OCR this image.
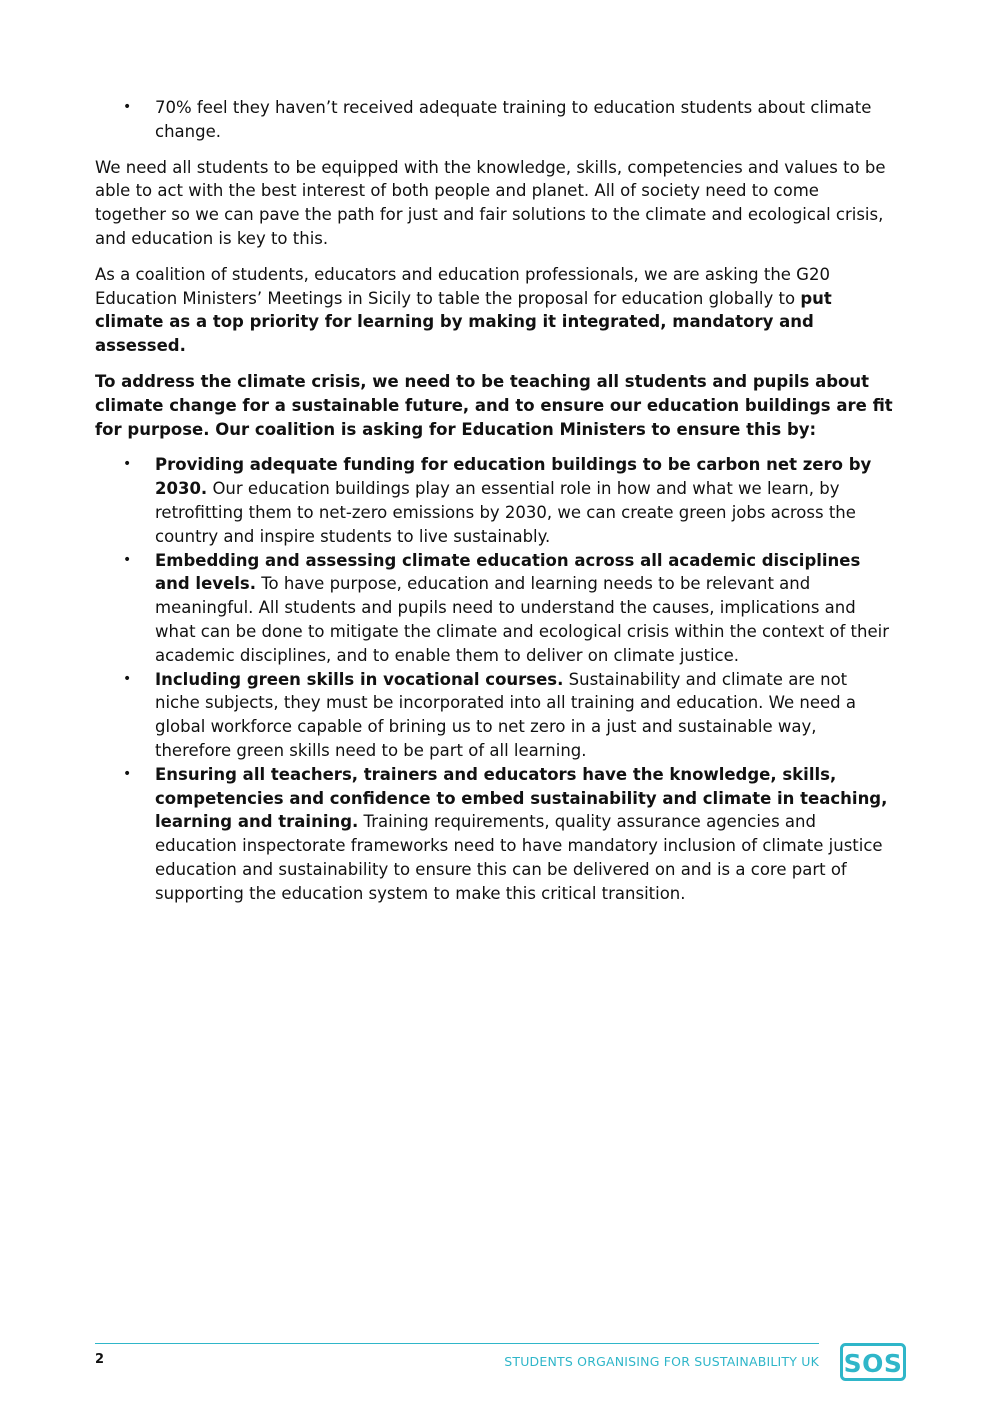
• 70% feel they haven’t received adequate training to education students about climate change.

We need all students to be equipped with the knowledge, skills, competencies and values to be able to act with the best interest of both people and planet. All of society need to come together so we can pave the path for just and fair solutions to the climate and ecological crisis, and education is key to this.

As a coalition of students, educators and education professionals, we are asking the G20 Education Ministers’ Meetings in Sicily to table the proposal for education globally to put climate as a top priority for learning by making it integrated, mandatory and assessed.

To address the climate crisis, we need to be teaching all students and pupils about climate change for a sustainable future, and to ensure our education buildings are fit for purpose. Our coalition is asking for Education Ministers to ensure this by:

• Providing adequate funding for education buildings to be carbon net zero by 2030. Our education buildings play an essential role in how and what we learn, by retrofitting them to net-zero emissions by 2030, we can create green jobs across the country and inspire students to live sustainably.
• Embedding and assessing climate education across all academic disciplines and levels. To have purpose, education and learning needs to be relevant and meaningful. All students and pupils need to understand the causes, implications and what can be done to mitigate the climate and ecological crisis within the context of their academic disciplines, and to enable them to deliver on climate justice.
• Including green skills in vocational courses. Sustainability and climate are not niche subjects, they must be incorporated into all training and education. We need a global workforce capable of brining us to net zero in a just and sustainable way, therefore green skills need to be part of all learning.
• Ensuring all teachers, trainers and educators have the knowledge, skills, competencies and confidence to embed sustainability and climate in teaching, learning and training. Training requirements, quality assurance agencies and education inspectorate frameworks need to have mandatory inclusion of climate justice education and sustainability to ensure this can be delivered on and is a core part of supporting the education system to make this critical transition.
2	STUDENTS ORGANISING FOR SUSTAINABILITY UK SOS
